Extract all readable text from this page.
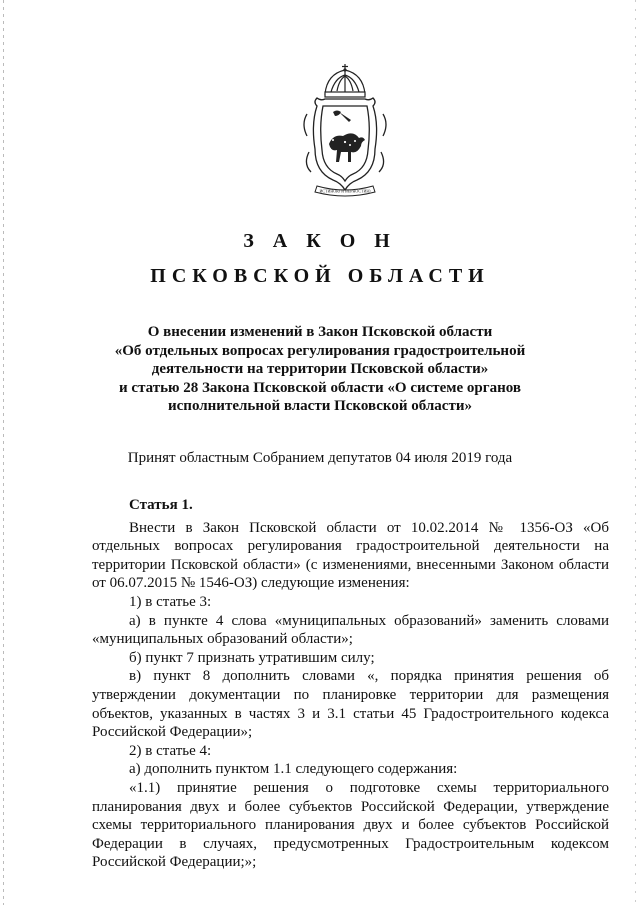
ИСТИНОЮ И ВЕРНОСТИЮ
З А К О Н
ПСКОВСКОЙ ОБЛАСТИ
О внесении изменений в Закон Псковской области
«Об отдельных вопросах регулирования градостроительной
деятельности на территории Псковской области»
и статью 28 Закона Псковской области «О системе органов
исполнительной власти Псковской области»
Принят областным Собранием депутатов 04 июля 2019 года

Статья 1.

Внести в Закон Псковской области от 10.02.2014 № 1356-ОЗ «Об отдельных вопросах регулирования градостроительной деятельности на территории Псковской области» (с изменениями, внесенными Законом области от 06.07.2015 № 1546-ОЗ) следующие изменения:

1) в статье 3:

а) в пункте 4 слова «муниципальных образований» заменить словами «муниципальных образований области»;

б) пункт 7 признать утратившим силу;

в) пункт 8 дополнить словами «, порядка принятия решения об утверждении документации по планировке территории для размещения объектов, указанных в частях 3 и 3.1 статьи 45 Градостроительного кодекса Российской Федерации»;

2) в статье 4:

а) дополнить пунктом 1.1 следующего содержания:

«1.1) принятие решения о подготовке схемы территориального планирования двух и более субъектов Российской Федерации, утверждение схемы территориального планирования двух и более субъектов Российской Федерации в случаях, предусмотренных Градостроительным кодексом Российской Федерации;»;
